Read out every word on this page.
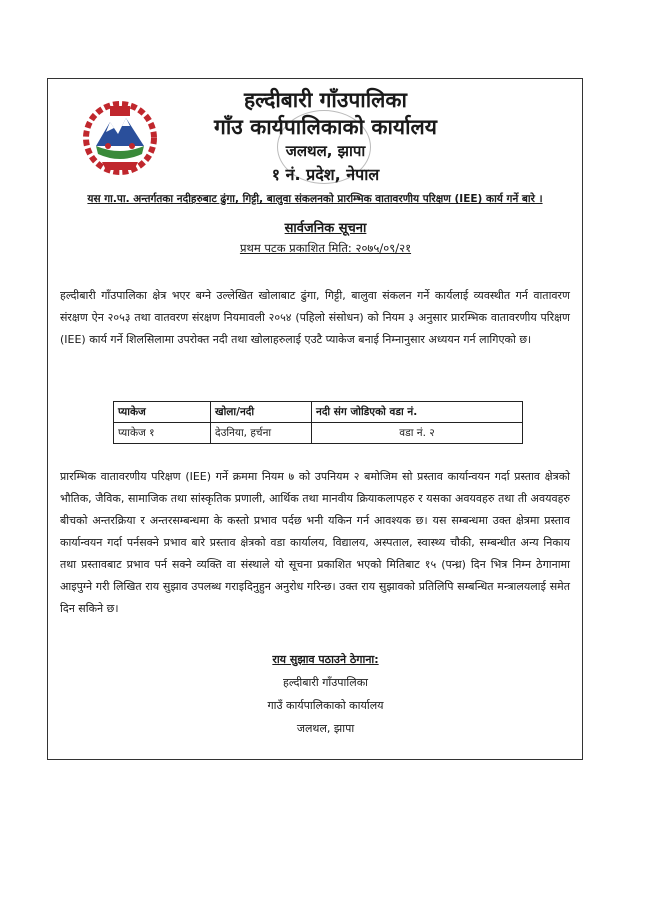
हल्दीबारी गाँउपालिका
गाँउ कार्यपालिकाको कार्यालय
जलथल, झापा
१ नं. प्रदेश, नेपाल
यस गा.पा. अन्तर्गतका नदीहरुबाट ढुंगा, गिट्टी, बालुवा संकलनको प्रारम्भिक वातावरणीय परिक्षण (IEE) कार्य गर्ने बारे ।
सार्वजनिक सूचना
प्रथम पटक प्रकाशित मिति: २०७५/०९/२१
हल्दीबारी गाँउपालिका क्षेत्र भएर बग्ने उल्लेखित खोलाबाट ढुंगा, गिट्टी, बालुवा संकलन गर्ने कार्यलाई व्यवस्थीत गर्न वातावरण संरक्षण ऐन २०५३ तथा वातवरण संरक्षण नियमावली २०५४ (पहिलो संसोधन) को नियम ३ अनुसार प्रारम्भिक वातावरणीय परिक्षण (IEE) कार्य गर्ने शिलसिलामा उपरोक्त नदी तथा खोलाहरुलाई एउटै प्याकेज बनाई निम्नानुसार अध्ययन गर्न लागिएको छ।
प्याकेज	खोला/नदी	नदी संग जोडिएको वडा नं.
प्याकेज १	देउनिया, हर्चना	वडा नं. २
प्रारम्भिक वातावरणीय परिक्षण (IEE) गर्ने क्रममा नियम ७ को उपनियम २ बमोजिम सो प्रस्ताव कार्यान्वयन गर्दा प्रस्ताव क्षेत्रको भौतिक, जैविक, सामाजिक तथा सांस्कृतिक प्रणाली, आर्थिक तथा मानवीय क्रियाकलापहरु र यसका अवयवहरु तथा ती अवयवहरु बीचको अन्तरक्रिया र अन्तरसम्बन्धमा के कस्तो प्रभाव पर्दछ भनी यकिन गर्न आवश्यक छ। यस सम्बन्धमा उक्त क्षेत्रमा प्रस्ताव कार्यान्वयन गर्दा पर्नसक्ने प्रभाव बारे प्रस्ताव क्षेत्रको वडा कार्यालय, विद्यालय, अस्पताल, स्वास्थ्य चौकी, सम्बन्धीत अन्य निकाय तथा प्रस्तावबाट प्रभाव पर्न सक्ने व्यक्ति वा संस्थाले यो सूचना प्रकाशित भएको मितिबाट १५ (पन्ध्र) दिन भित्र निम्न ठेगानामा आइपुग्ने गरी लिखित राय सुझाव उपलब्ध गराइदिनुहुन अनुरोध गरिन्छ। उक्त राय सुझावको प्रतिलिपि सम्बन्धित मन्त्रालयलाई समेत दिन सकिने छ।
राय सुझाव पठाउने ठेगाना:
हल्दीबारी गाँउपालिका
गाउँ कार्यपालिकाको कार्यालय
जलथल, झापा
